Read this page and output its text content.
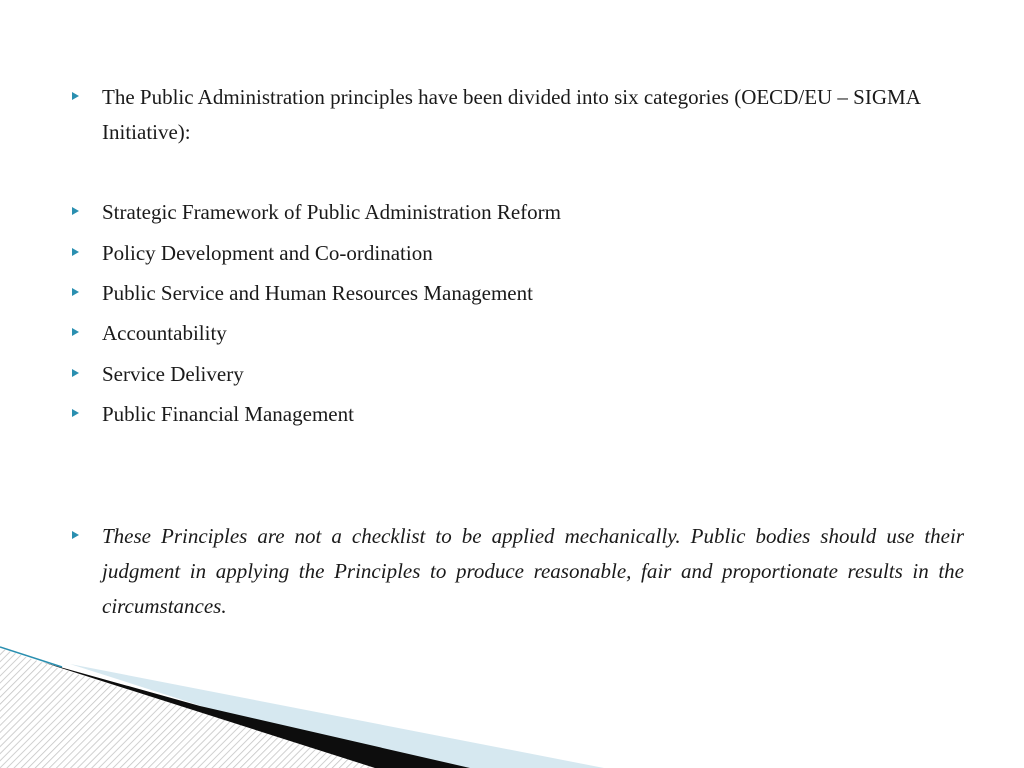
The Public Administration principles have been divided into six categories (OECD/EU – SIGMA Initiative):
Strategic Framework of Public Administration Reform
Policy Development and Co-ordination
Public Service and Human Resources Management
Accountability
Service Delivery
Public Financial Management
These Principles are not a checklist to be applied mechanically. Public bodies should use their judgment in applying the Principles to produce reasonable, fair and proportionate results in the circumstances.
